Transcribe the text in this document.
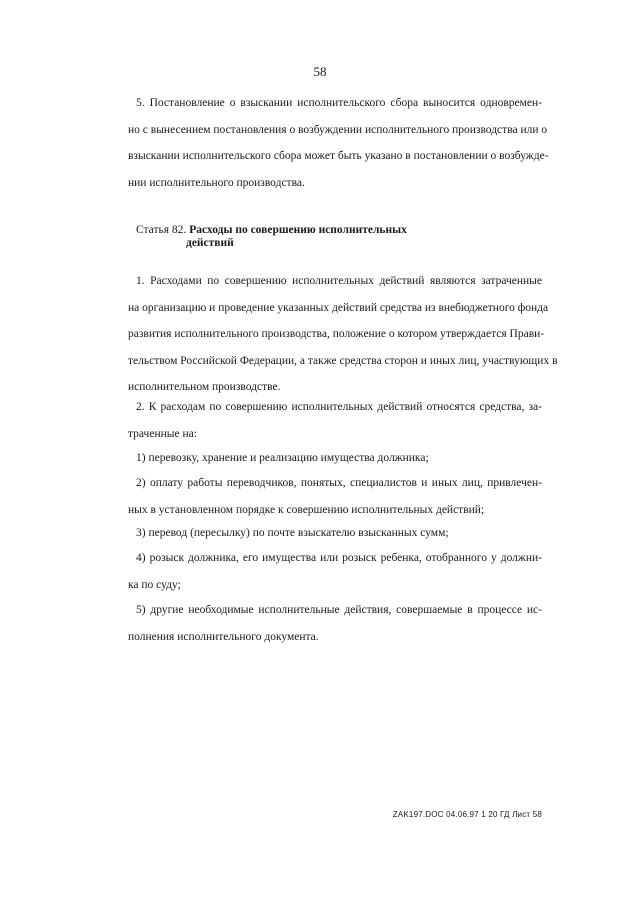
58
5. Постановление о взыскании исполнительского сбора выносится одновремен-
но с вынесением постановления о возбуждении исполнительного производства или о
взыскании исполнительского сбора может быть указано в постановлении о возбужде-
нии исполнительного производства.
Статья 82. Расходы по совершению исполнительных
действий
1. Расходами по совершению исполнительных действий являются затраченные
на организацию и проведение указанных действий средства из внебюджетного фонда
развития исполнительного производства, положение о котором утверждается Прави-
тельством Российской Федерации, а также средства сторон и иных лиц, участвующих в
исполнительном производстве.
2. К расходам по совершению исполнительных действий относятся средства, за-
траченные на:
1) перевозку, хранение и реализацию имущества должника;
2) оплату работы переводчиков, понятых, специалистов и иных лиц, привлечен-
ных в установленном порядке к совершению исполнительных действий;
3) перевод (пересылку) по почте взыскателю взысканных сумм;
4) розыск должника, его имущества или розыск ребенка, отобранного у должни-
ка по суду;
5) другие необходимые исполнительные действия, совершаемые в процессе ис-
полнения исполнительного документа.
ZAK197.DOC 04.06.97 1 20 ГД Лист 58
